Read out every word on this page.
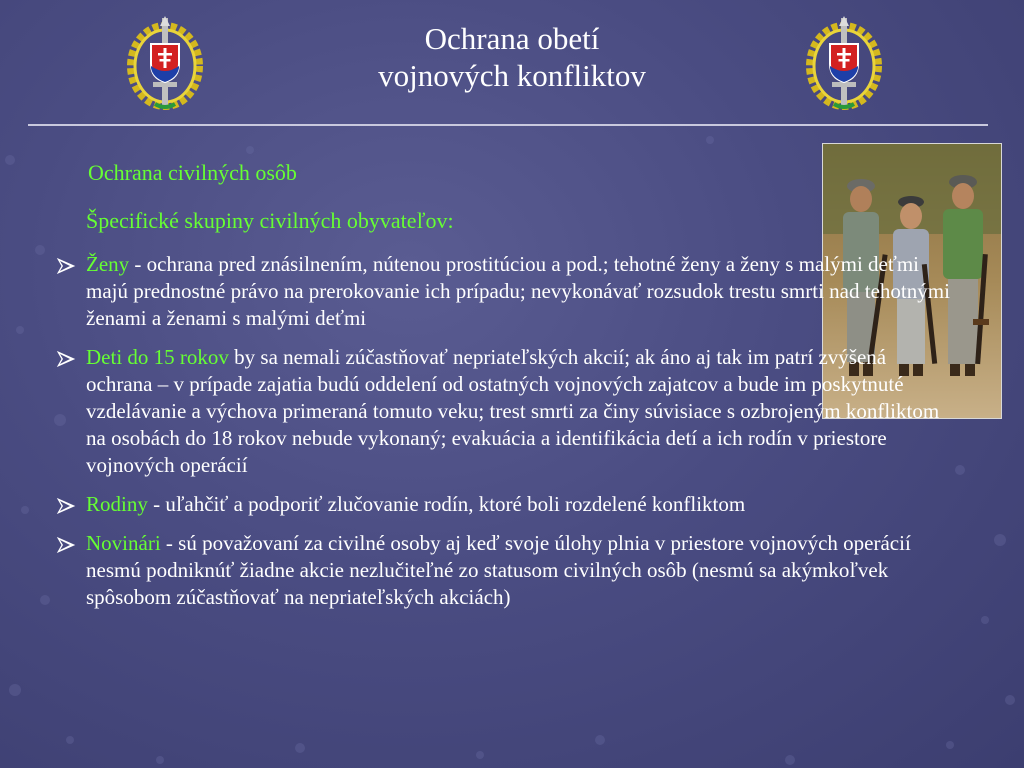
Ochrana obetí
vojnových konfliktov
Ochrana civilných osôb
Špecifické skupiny civilných obyvateľov:
Ženy - ochrana pred znásilnením, nútenou prostitúciou a pod.; tehotné ženy a ženy s malými deťmi majú prednostné právo na prerokovanie ich prípadu; nevykonávať rozsudok trestu smrti nad tehotnými ženami a ženami s malými deťmi
Deti do 15 rokov by sa nemali zúčastňovať nepriateľských akcií; ak áno aj tak im patrí zvýšená ochrana – v prípade zajatia budú oddelení od ostatných vojnových zajatcov a bude im poskytnuté vzdelávanie a výchova primeraná tomuto veku; trest smrti za činy súvisiace s ozbrojeným konfliktom na osobách do 18 rokov nebude vykonaný; evakuácia a identifikácia detí a ich rodín v priestore vojnových operácií
Rodiny - uľahčiť a podporiť zlučovanie rodín, ktoré boli rozdelené konfliktom
Novinári - sú považovaní za civilné osoby aj keď svoje úlohy plnia v priestore vojnových operácií nesmú podniknúť žiadne akcie nezlučiteľné zo statusom civilných osôb (nesmú sa akýmkoľvek spôsobom zúčastňovať na nepriateľských akciách)
